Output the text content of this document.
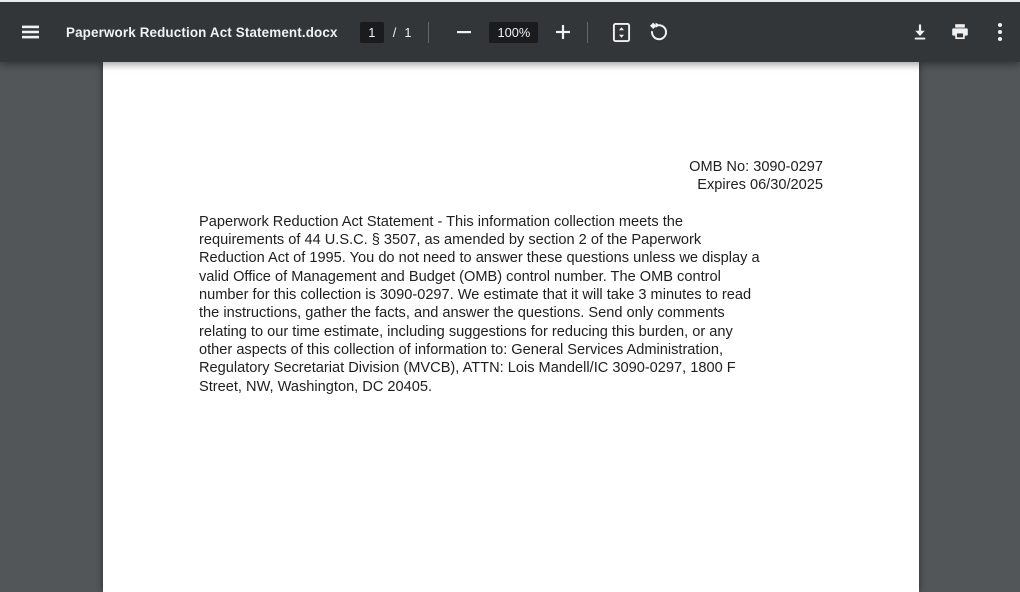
Paperwork Reduction Act Statement.docx
1	/ 1	100%
OMB No: 3090-0297
Expires 06/30/2025
Paperwork Reduction Act Statement - This information collection meets the
requirements of 44 U.S.C. § 3507, as amended by section 2 of the Paperwork
Reduction Act of 1995. You do not need to answer these questions unless we display a
valid Office of Management and Budget (OMB) control number. The OMB control
number for this collection is 3090-0297. We estimate that it will take 3 minutes to read
the instructions, gather the facts, and answer the questions. Send only comments
relating to our time estimate, including suggestions for reducing this burden, or any
other aspects of this collection of information to: General Services Administration,
Regulatory Secretariat Division (MVCB), ATTN: Lois Mandell/IC 3090-0297, 1800 F
Street, NW, Washington, DC 20405.
